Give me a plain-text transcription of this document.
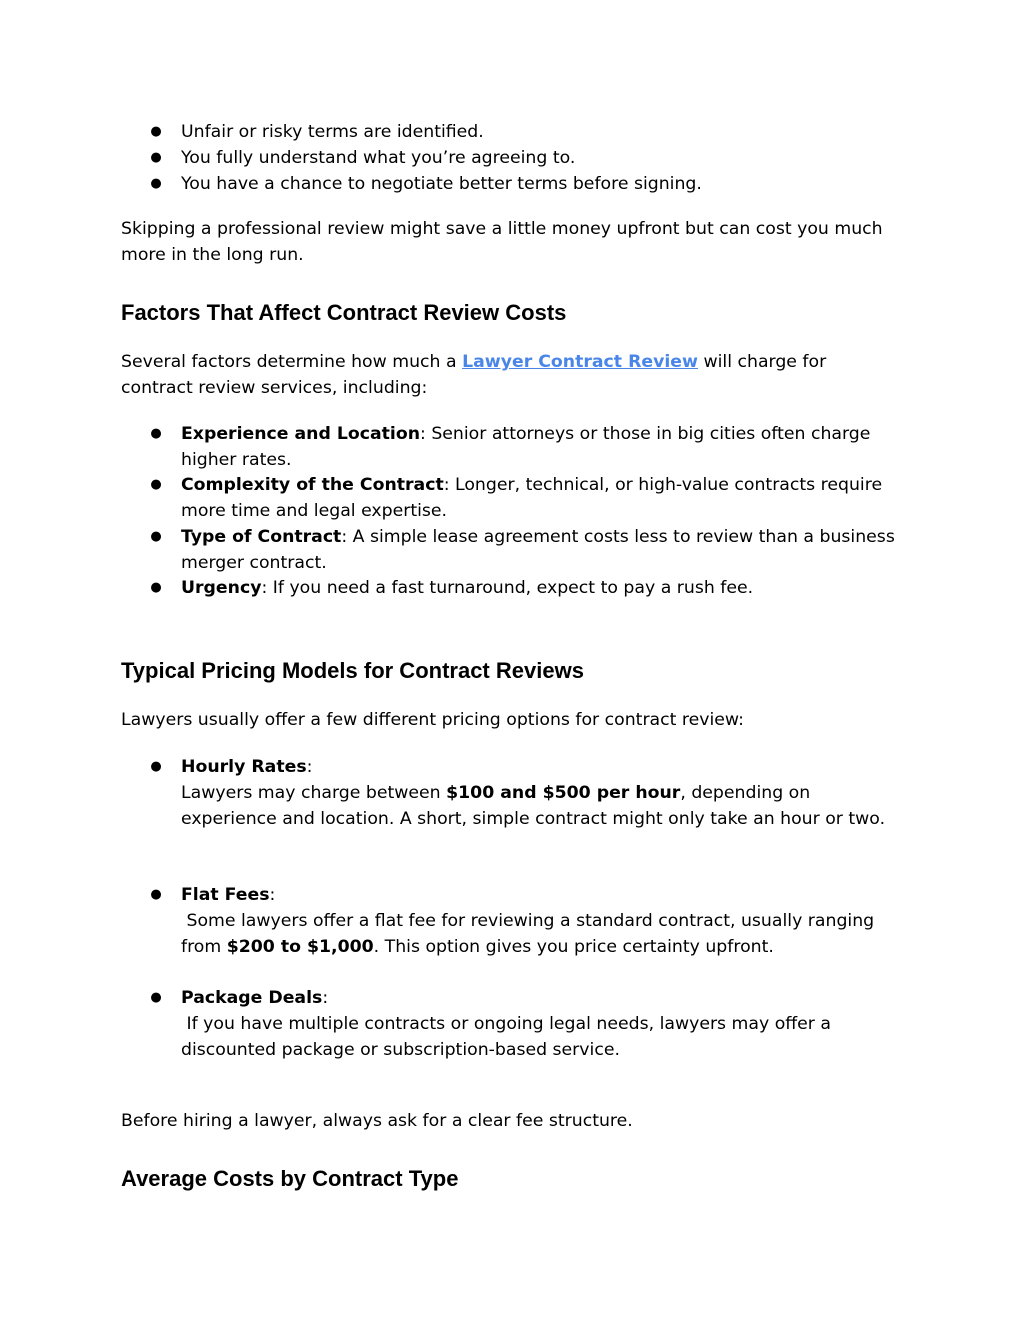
● Unfair or risky terms are identified.
● You fully understand what you’re agreeing to.
● You have a chance to negotiate better terms before signing.

Skipping a professional review might save a little money upfront but can cost you much more in the long run.

Factors That Affect Contract Review Costs

Several factors determine how much a Lawyer Contract Review will charge for contract review services, including:

● Experience and Location: Senior attorneys or those in big cities often charge higher rates.
● Complexity of the Contract: Longer, technical, or high-value contracts require more time and legal expertise.
● Type of Contract: A simple lease agreement costs less to review than a business merger contract.
● Urgency: If you need a fast turnaround, expect to pay a rush fee.
Typical Pricing Models for Contract Reviews

Lawyers usually offer a few different pricing options for contract review:

● Hourly Rates:
Lawyers may charge between $100 and $500 per hour, depending on experience and location. A short, simple contract might only take an hour or two.
● Flat Fees:
Some lawyers offer a flat fee for reviewing a standard contract, usually ranging from $200 to $1,000. This option gives you price certainty upfront.
● Package Deals:
If you have multiple contracts or ongoing legal needs, lawyers may offer a discounted package or subscription-based service.

Before hiring a lawyer, always ask for a clear fee structure.

Average Costs by Contract Type
